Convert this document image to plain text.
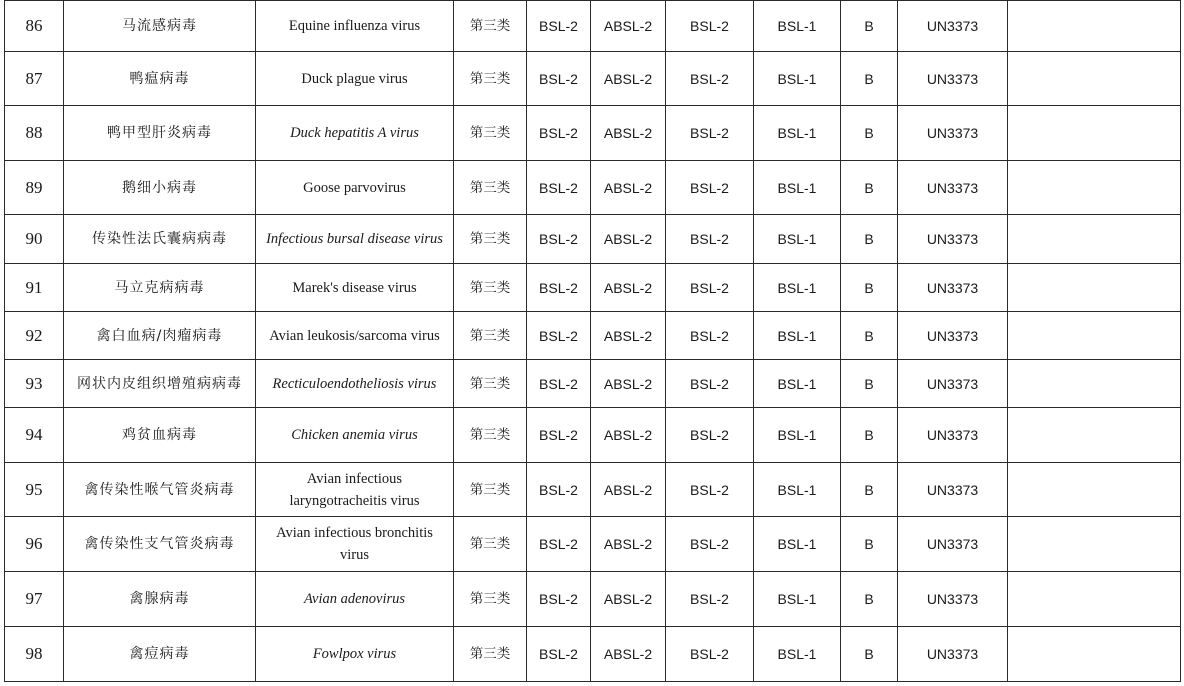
86	马流感病毒	Equine influenza virus	第三类	BSL-2	ABSL-2	BSL-2	BSL-1	B	UN3373	
87	鸭瘟病毒	Duck plague virus	第三类	BSL-2	ABSL-2	BSL-2	BSL-1	B	UN3373	
88	鸭甲型肝炎病毒	Duck hepatitis A virus	第三类	BSL-2	ABSL-2	BSL-2	BSL-1	B	UN3373	
89	鹅细小病毒	Goose parvovirus	第三类	BSL-2	ABSL-2	BSL-2	BSL-1	B	UN3373	
90	传染性法氏囊病病毒	Infectious bursal disease virus	第三类	BSL-2	ABSL-2	BSL-2	BSL-1	B	UN3373	
91	马立克病病毒	Marek's disease virus	第三类	BSL-2	ABSL-2	BSL-2	BSL-1	B	UN3373	
92	禽白血病/肉瘤病毒	Avian leukosis/sarcoma virus	第三类	BSL-2	ABSL-2	BSL-2	BSL-1	B	UN3373	
93	网状内皮组织增殖病病毒	Recticuloendotheliosis virus	第三类	BSL-2	ABSL-2	BSL-2	BSL-1	B	UN3373	
94	鸡贫血病毒	Chicken anemia virus	第三类	BSL-2	ABSL-2	BSL-2	BSL-1	B	UN3373	
95	禽传染性喉气管炎病毒	Avian infectious laryngotracheitis virus	第三类	BSL-2	ABSL-2	BSL-2	BSL-1	B	UN3373	
96	禽传染性支气管炎病毒	Avian infectious bronchitis virus	第三类	BSL-2	ABSL-2	BSL-2	BSL-1	B	UN3373	
97	禽腺病毒	Avian adenovirus	第三类	BSL-2	ABSL-2	BSL-2	BSL-1	B	UN3373	
98	禽痘病毒	Fowlpox virus	第三类	BSL-2	ABSL-2	BSL-2	BSL-1	B	UN3373	
